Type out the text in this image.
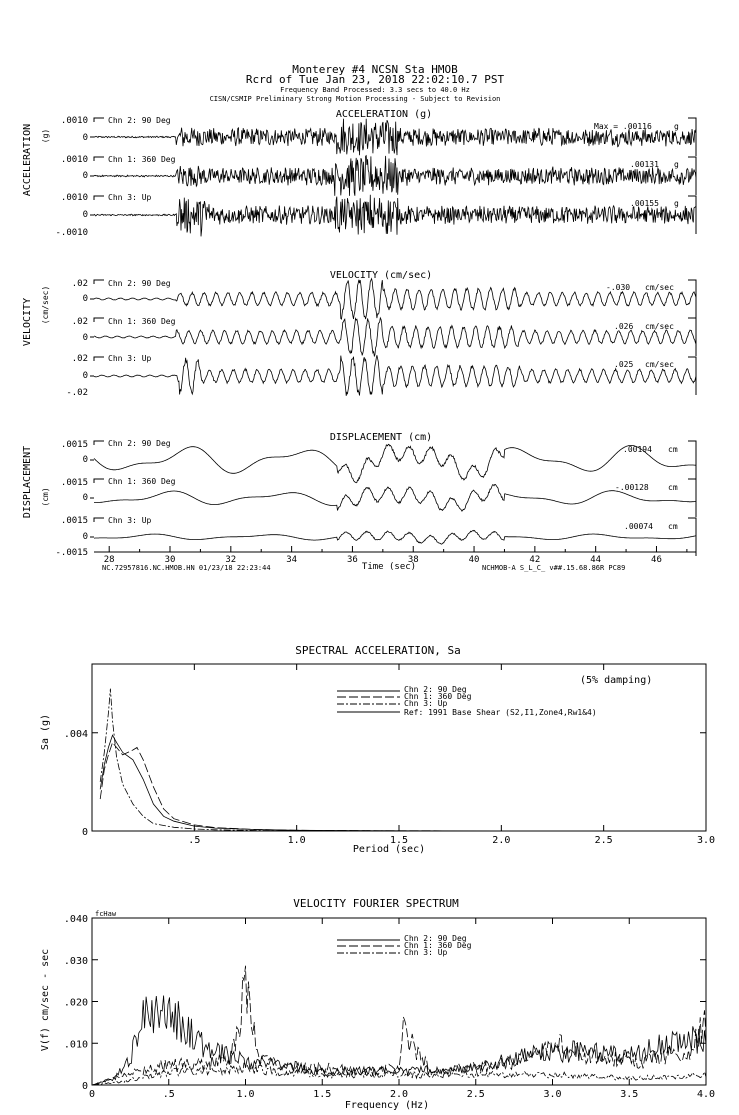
Monterey #4 NCSN Sta HMOB
Rcrd of Tue Jan 23, 2018 22:02:10.7 PST
Frequency Band Processed: 3.3 secs to 40.0 Hz
CISN/CSMIP Preliminary Strong Motion Processing - Subject to Revision
ACCELERATION (g)
ACCELERATION (g)
.0010
0
.0010
0
.0010
0
-.0010
Chn 2: 90 Deg
Chn 1: 360 Deg
Chn 3: Up
Max = .00116	g
.00131 g
.00155 g
VELOCITY (cm/sec)
VELOCITY (cm/sec)
.02
0
.02
0
.02
0
-.02
Chn 2: 90 Deg
Chn 1: 360 Deg
Chn 3: Up
-.030 cm/sec
.026 cm/sec
.025 cm/sec
DISPLACEMENT (cm)
DISPLACEMENT (cm)
.0015
0
.0015
0
.0015
0
-.0015
Chn 2: 90 Deg
Chn 1: 360 Deg
Chn 3: Up
.00194 cm
-.00128 cm
.00074 cm
28	30	32	34	36	38	40	42	44	46
Time (sec)
NC.72957816.NC.HMOB.HN 01/23/18 22:23:44	NCHMOB-A S_L_C_ v##.15.68.86R PC89
SPECTRAL ACCELERATION, Sa
(5% damping)
Sa (g)
Period (sec)
Chn 2: 90 Deg
Chn 1: 360 Deg
Chn 3: Up
Ref: 1991 Base Shear (S2,I1,Zone4,Rw1&4)
.5	1.0	1.5	2.0	2.5	3.0
0
.004
VELOCITY FOURIER SPECTRUM
fcHaw
V(f) cm/sec - sec
Frequency (Hz)
Chn 2: 90 Deg
Chn 1: 360 Deg
Chn 3: Up
0	.5	1.0	1.5	2.0	2.5	3.0	3.5	4.0
0
.010
.020
.030
.040
